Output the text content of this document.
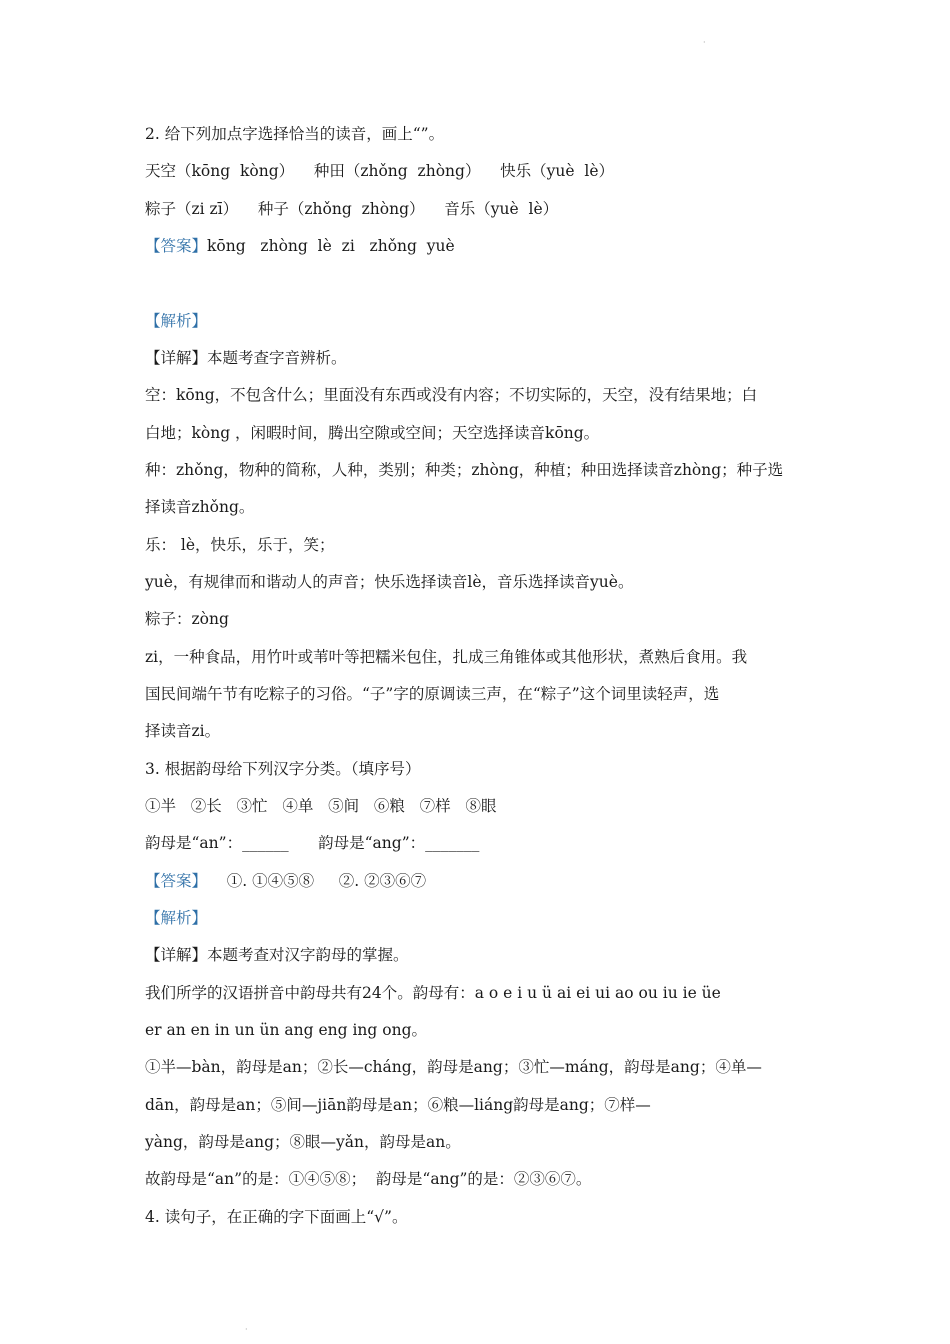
·
2. 给下列加点字选择恰当的读音，画上“”。
天空（kōng  kòng）    种田（zhǒng  zhòng）    快乐（yuè  lè）
粽子（zi zī）    种子（zhǒng  zhòng）    音乐（yuè  lè）
【答案】kōng   zhòng  lè  zi   zhǒng  yuè
【解析】
【详解】本题考查字音辨析。
空：kōng，不包含什么；里面没有东西或没有内容；不切实际的，天空，没有结果地；白
白地；kòng ，闲暇时间，腾出空隙或空间；天空选择读音kōng。
种：zhǒng，物种的简称，人种，类别；种类；zhòng，种植；种田选择读音zhòng；种子选
择读音zhǒng。
乐： lè，快乐，乐于，笑；
yuè，有规律而和谐动人的声音；快乐选择读音lè，音乐选择读音yuè。
粽子：zòng
zi，一种食品，用竹叶或苇叶等把糯米包住，扎成三角锥体或其他形状，煮熟后食用。我
国民间端午节有吃粽子的习俗。“子”字的原调读三声，在“粽子”这个词里读轻声，选
择读音zi。
3. 根据韵母给下列汉字分类。（填序号）
①半   ②长   ③忙   ④单   ⑤间   ⑥粮   ⑦样   ⑧眼
韵母是“an”：______      韵母是“ang”：_______
【答案】    ①. ①④⑤⑧     ②. ②③⑥⑦
【解析】
【详解】本题考查对汉字韵母的掌握。
我们所学的汉语拼音中韵母共有24个。韵母有：a o e i u ü ai ei ui ao ou iu ie üe
er an en in un ün ang eng ing ong。
①半—bàn，韵母是an；②长—cháng，韵母是ang；③忙—máng，韵母是ang；④单—
dān，韵母是an；⑤间—jiān韵母是an；⑥粮—liáng韵母是ang；⑦样—
yàng，韵母是ang；⑧眼—yǎn，韵母是an。
故韵母是“an”的是：①④⑤⑧；  韵母是“ang”的是：②③⑥⑦。
4. 读句子，在正确的字下面画上“√”。
·
